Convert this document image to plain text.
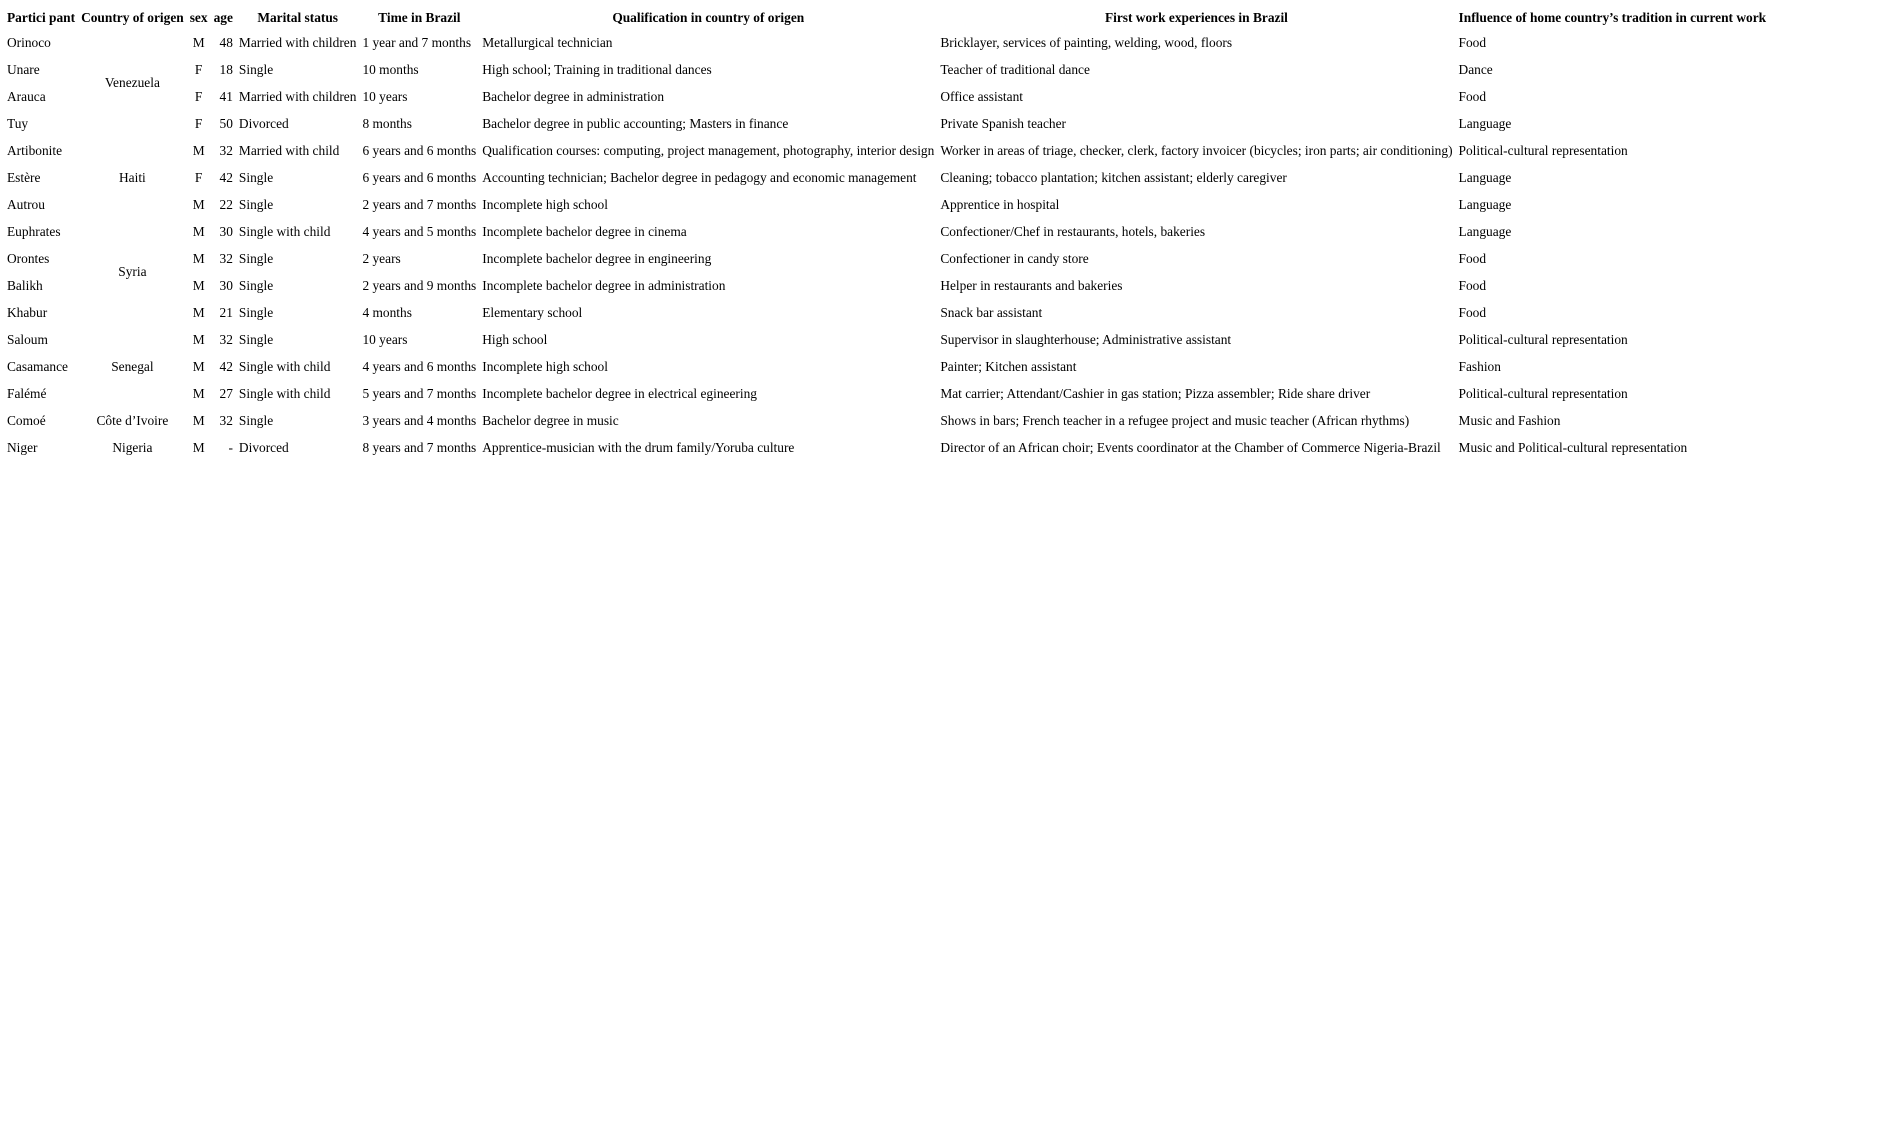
Partici pant	Country of origen	sex	age	Marital status	Time in Brazil	Qualification in country of origen	First work experiences in Brazil	Influence of home country’s tradition in current work
Orinoco	Venezuela	M	48	Married with children	1 year and 7 months	Metallurgical technician	Bricklayer, services of painting, welding, wood, floors	Food
Unare		F	18	Single	10 months	High school; Training in traditional dances	Teacher of traditional dance	Dance
Arauca		F	41	Married with children	10 years	Bachelor degree in administration	Office assistant	Food
Tuy		F	50	Divorced	8 months	Bachelor degree in public accounting; Masters in finance	Private Spanish teacher	Language
Artibonite	Haiti	M	32	Married with child	6 years and 6 months	Qualification courses: computing, project management, photography, interior design	Worker in areas of triage, checker, clerk, factory invoicer (bicycles; iron parts; air conditioning)	Political-cultural representation
Estère		F	42	Single	6 years and 6 months	Accounting technician; Bachelor degree in pedagogy and economic management	Cleaning; tobacco plantation; kitchen assistant; elderly caregiver	Language
Autrou		M	22	Single	2 years and 7 months	Incomplete high school	Apprentice in hospital	Language
Euphrates	Syria	M	30	Single with child	4 years and 5 months	Incomplete bachelor degree in cinema	Confectioner/Chef in restaurants, hotels, bakeries	Language
Orontes		M	32	Single	2 years	Incomplete bachelor degree in engineering	Confectioner in candy store	Food
Balikh		M	30	Single	2 years and 9 months	Incomplete bachelor degree in administration	Helper in restaurants and bakeries	Food
Khabur		M	21	Single	4 months	Elementary school	Snack bar assistant	Food
Saloum	Senegal	M	32	Single	10 years	High school	Supervisor in slaughterhouse; Administrative assistant	Political-cultural representation
Casamance		M	42	Single with child	4 years and 6 months	Incomplete high school	Painter; Kitchen assistant	Fashion
Falémé		M	27	Single with child	5 years and 7 months	Incomplete bachelor degree in electrical egineering	Mat carrier; Attendant/Cashier in gas station; Pizza assembler; Ride share driver	Political-cultural representation
Comoé	Côte d’Ivoire	M	32	Single	3 years and 4 months	Bachelor degree in music	Shows in bars; French teacher in a refugee project and music teacher (African rhythms)	Music and Fashion
Niger	Nigeria	M	-	Divorced	8 years and 7 months	Apprentice-musician with the drum family/Yoruba culture	Director of an African choir; Events coordinator at the Chamber of Commerce Nigeria-Brazil	Music and Political-cultural representation
